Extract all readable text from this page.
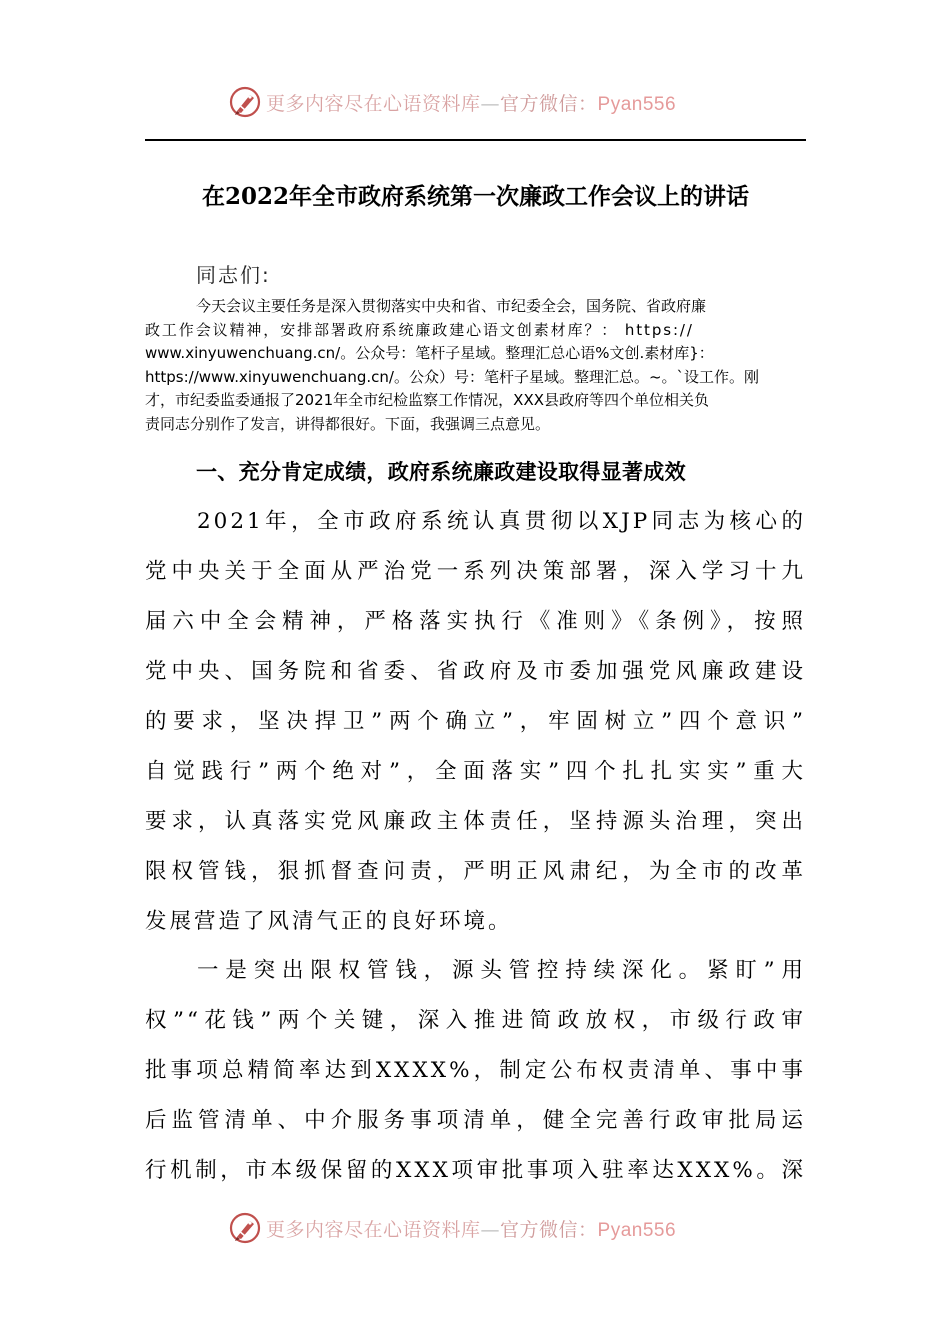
更多内容尽在心语资料库—官方微信：Pyan556
在2022年全市政府系统第一次廉政工作会议上的讲话
同志们:
今天会议主要任务是深入贯彻落实中央和省、市纪委全会，国务院、省政府廉
政工作会议精神，安排部署政府系统廉政建心语文创素材库？： https://
www.xinyuwenchuang.cn/。公众号：笔杆子星域。整理汇总心语%文创.素材库}：
https://www.xinyuwenchuang.cn/。公众）号：笔杆子星域。整理汇总。~。`设工作。刚
才，市纪委监委通报了2021年全市纪检监察工作情况，XXX县政府等四个单位相关负
责同志分别作了发言，讲得都很好。下面，我强调三点意见。
一、充分肯定成绩，政府系统廉政建设取得显著成效
2021年，全市政府系统认真贯彻以XJP同志为核心的
党中央关于全面从严治党一系列决策部署，深入学习十九
届六中全会精神，严格落实执行《准则》《条例》，按照
党中央、国务院和省委、省政府及市委加强党风廉政建设
的要求，坚决捍卫”两个确立”，牢固树立”四个意识”
自觉践行”两个绝对”，全面落实”四个扎扎实实”重大
要求，认真落实党风廉政主体责任，坚持源头治理，突出
限权管钱，狠抓督查问责，严明正风肃纪，为全市的改革
发展营造了风清气正的良好环境。
一是突出限权管钱，源头管控持续深化。紧盯”用
权”“花钱”两个关键，深入推进简政放权，市级行政审
批事项总精简率达到XXXX%，制定公布权责清单、事中事
后监管清单、中介服务事项清单，健全完善行政审批局运
行机制，市本级保留的XXX项审批事项入驻率达XXX%。深
更多内容尽在心语资料库—官方微信：Pyan556
